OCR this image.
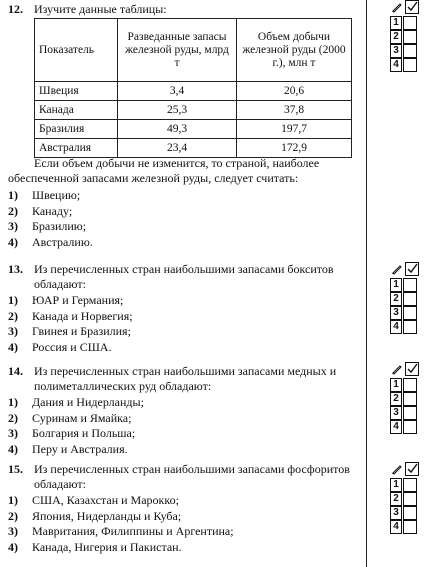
12. Изучите данные таблицы:
Показатель	Разведанные запасы железной руды, млрд т	Объем добычи железной руды (2000 г.), млн т
Швеция	3,4	20,6
Канада	25,3	37,8
Бразилия	49,3	197,7
Австралия	23,4	172,9
Если объем добычи не изменится, то страной, наиболее обеспеченной запасами железной руды, следует считать:
1) Швецию;
2) Канаду;
3) Бразилию;
4) Австралию.
13. Из перечисленных стран наибольшими запасами бокситов обладают:
1) ЮАР и Германия;
2) Канада и Норвегия;
3) Гвинея и Бразилия;
4) Россия и США.
14. Из перечисленных стран наибольшими запасами медных и полиметаллических руд обладают:
1) Дания и Нидерланды;
2) Суринам и Ямайка;
3) Болгария и Польша;
4) Перу и Австралия.
15. Из перечисленных стран наибольшими запасами фосфоритов обладают:
1) США, Казахстан и Марокко;
2) Япония, Нидерланды и Куба;
3) Мавритания, Филиппины и Аргентина;
4) Канада, Нигерия и Пакистан.
1
2
3
4
1
2
3
4
1
2
3
4
1
2
3
4
